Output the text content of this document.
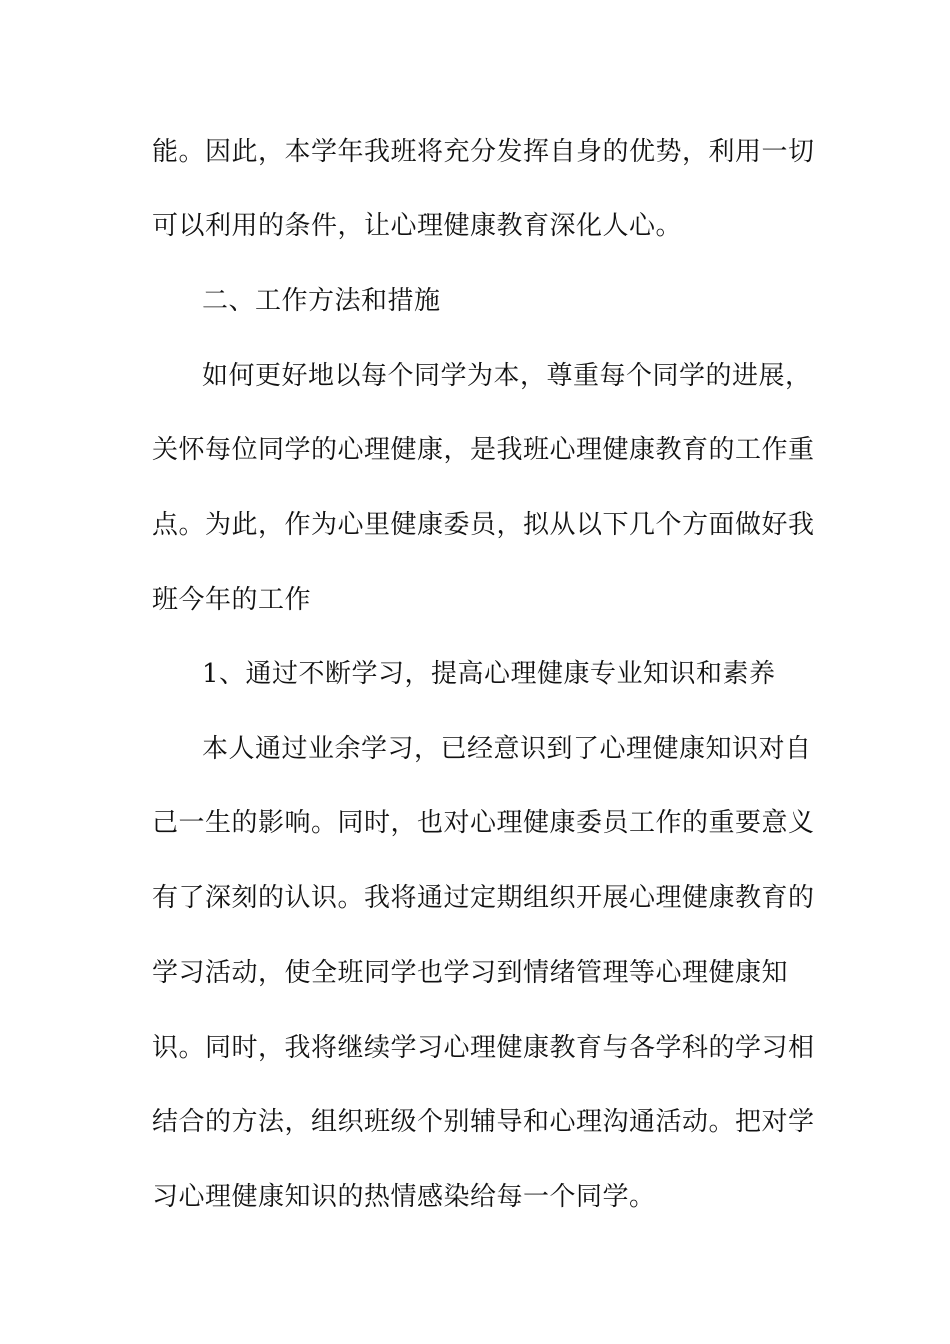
能。因此，本学年我班将充分发挥自身的优势，利用一切
可以利用的条件，让心理健康教育深化人心。
二、工作方法和措施
如何更好地以每个同学为本，尊重每个同学的进展，
关怀每位同学的心理健康，是我班心理健康教育的工作重
点。为此，作为心里健康委员，拟从以下几个方面做好我
班今年的工作
1、通过不断学习，提高心理健康专业知识和素养
本人通过业余学习，已经意识到了心理健康知识对自
己一生的影响。同时，也对心理健康委员工作的重要意义
有了深刻的认识。我将通过定期组织开展心理健康教育的
学习活动，使全班同学也学习到情绪管理等心理健康知
识。同时，我将继续学习心理健康教育与各学科的学习相
结合的方法，组织班级个别辅导和心理沟通活动。把对学
习心理健康知识的热情感染给每一个同学。
